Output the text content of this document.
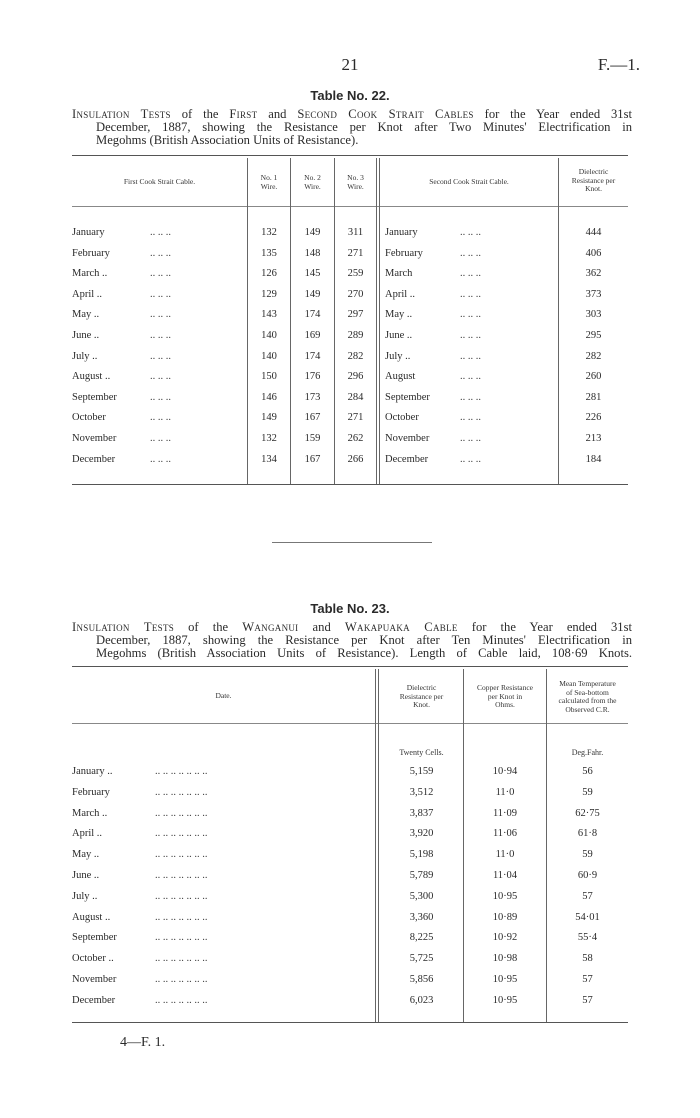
21	F.—1.
Table No. 22.
Insulation Tests of the First and Second Cook Strait Cables for the Year ended 31st
December, 1887, showing the Resistance per Knot after Two Minutes' Electrification in
Megohms (British Association Units of Resistance).
First Cook Strait Cable.	No. 1
Wire.
No. 2
Wire.
No. 3
Wire.	Second Cook Strait Cable.
Dielectric
Resistance per
Knot.
.. .. ..	.. .. ..
January	132	149	311	January	444
.. .. ..	.. .. ..
February	135	148	271	February	406
.. .. ..	.. .. ..
March ..	126	145	259	March	362
.. .. ..	.. .. ..
April ..	129	149	270	April ..	373
.. .. ..	.. .. ..
May ..	143	174	297	May ..	303
.. .. ..	.. .. ..
June ..	140	169	289	June ..	295
.. .. ..	.. .. ..
July ..	140	174	282	July ..	282
.. .. ..	.. .. ..
August ..	150	176	296	August	260
.. .. ..	.. .. ..
September	146	173	284	September	281
.. .. ..	.. .. ..
October	149	167	271	October	226
.. .. ..	.. .. ..
November	132	159	262	November	213
.. .. ..	.. .. ..
December	134	167	266	December	184
Table No. 23.
Insulation Tests of the Wanganui and Wakapuaka Cable for the Year ended 31st
December, 1887, showing the Resistance per Knot after Ten Minutes' Electrification in
Megohms (British Association Units of Resistance). Length of Cable laid, 108·69 Knots.
Date.
Dielectric
Resistance per
Knot.
Copper Resistance
per Knot in
Ohms.
Mean Temperature
of Sea-bottom
calculated from the
Observed C.R.
Twenty Cells.	Deg.Fahr.
.. .. .. .. .. .. ..
January ..	5,159	10·94	56
.. .. .. .. .. .. ..
February	3,512	11·0	59
.. .. .. .. .. .. ..
March ..	3,837	11·09	62·75
.. .. .. .. .. .. ..
April ..	3,920	11·06	61·8
.. .. .. .. .. .. ..
May ..	5,198	11·0	59
.. .. .. .. .. .. ..
June ..	5,789	11·04	60·9
.. .. .. .. .. .. ..
July ..	5,300	10·95	57
.. .. .. .. .. .. ..
August ..	3,360	10·89	54·01
.. .. .. .. .. .. ..
September	8,225	10·92	55·4
.. .. .. .. .. .. ..
October ..	5,725	10·98	58
.. .. .. .. .. .. ..
November	5,856	10·95	57
.. .. .. .. .. .. ..
December	6,023	10·95	57
4—F. 1.
